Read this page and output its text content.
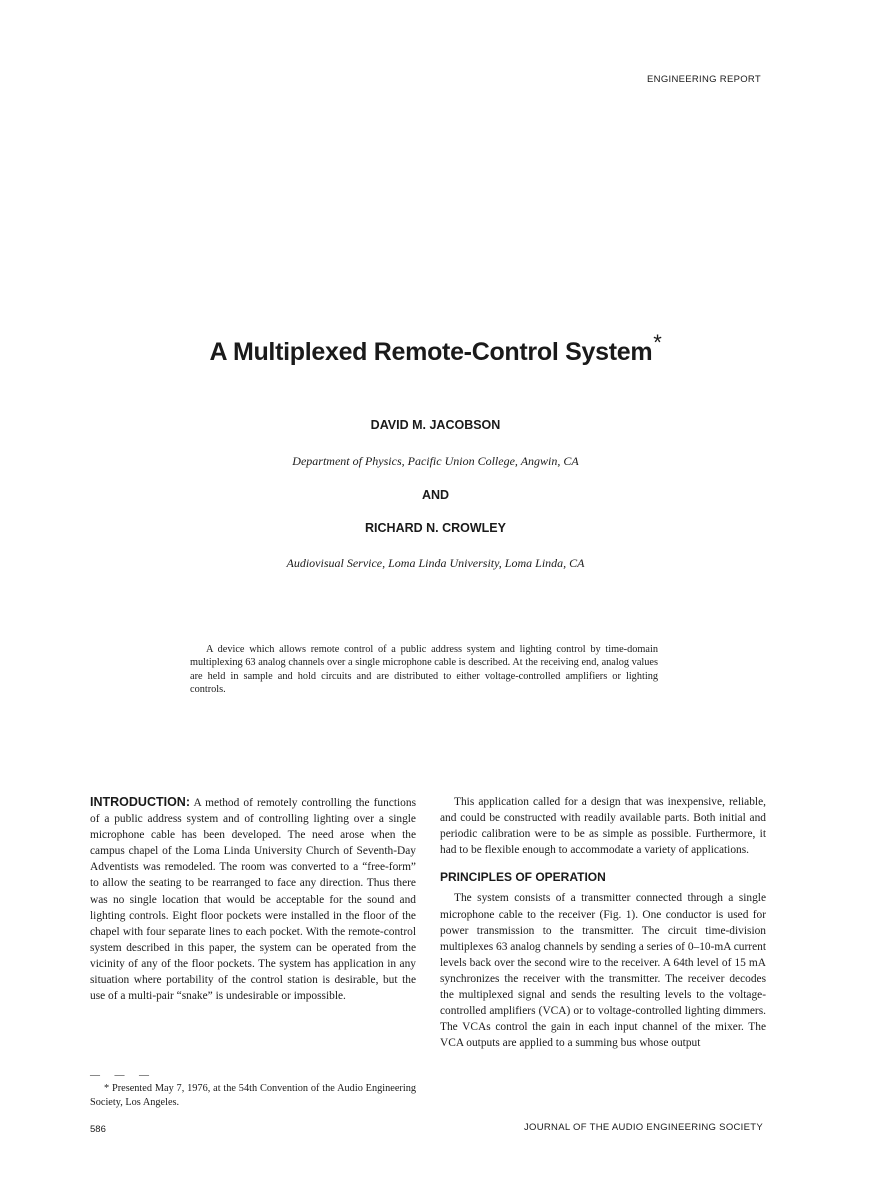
ENGINEERING REPORT
A Multiplexed Remote-Control System*
DAVID M. JACOBSON
Department of Physics, Pacific Union College, Angwin, CA
AND
RICHARD N. CROWLEY
Audiovisual Service, Loma Linda University, Loma Linda, CA
A device which allows remote control of a public address system and lighting control by time-domain multiplexing 63 analog channels over a single microphone cable is described. At the receiving end, analog values are held in sample and hold circuits and are distributed to either voltage-controlled amplifiers or lighting controls.

INTRODUCTION: A method of remotely controlling the functions of a public address system and of controlling lighting over a single microphone cable has been developed. The need arose when the campus chapel of the Loma Linda University Church of Seventh-Day Adventists was remodeled. The room was converted to a “free-form” to allow the seating to be rearranged to face any direction. Thus there was no single location that would be acceptable for the sound and lighting controls. Eight floor pockets were installed in the floor of the chapel with four separate lines to each pocket. With the remote-control system described in this paper, the system can be operated from the vicinity of any of the floor pockets. The system has application in any situation where portability of the control station is desirable, but the use of a multi-pair “snake” is undesirable or impossible.

This application called for a design that was inexpensive, reliable, and could be constructed with readily available parts. Both initial and periodic calibration were to be as simple as possible. Furthermore, it had to be flexible enough to accommodate a variety of applications.

PRINCIPLES OF OPERATION

The system consists of a transmitter connected through a single microphone cable to the receiver (Fig. 1). One conductor is used for power transmission to the transmitter. The circuit time-division multiplexes 63 analog channels by sending a series of 0–10-mA current levels back over the second wire to the receiver. A 64th level of 15 mA synchronizes the receiver with the transmitter. The receiver decodes the multiplexed signal and sends the resulting levels to the voltage-controlled amplifiers (VCA) or to voltage-controlled lighting dimmers. The VCAs control the gain in each input channel of the mixer. The VCA outputs are applied to a summing bus whose output

— — —
* Presented May 7, 1976, at the 54th Convention of the Audio Engineering Society, Los Angeles.
586	JOURNAL OF THE AUDIO ENGINEERING SOCIETY
